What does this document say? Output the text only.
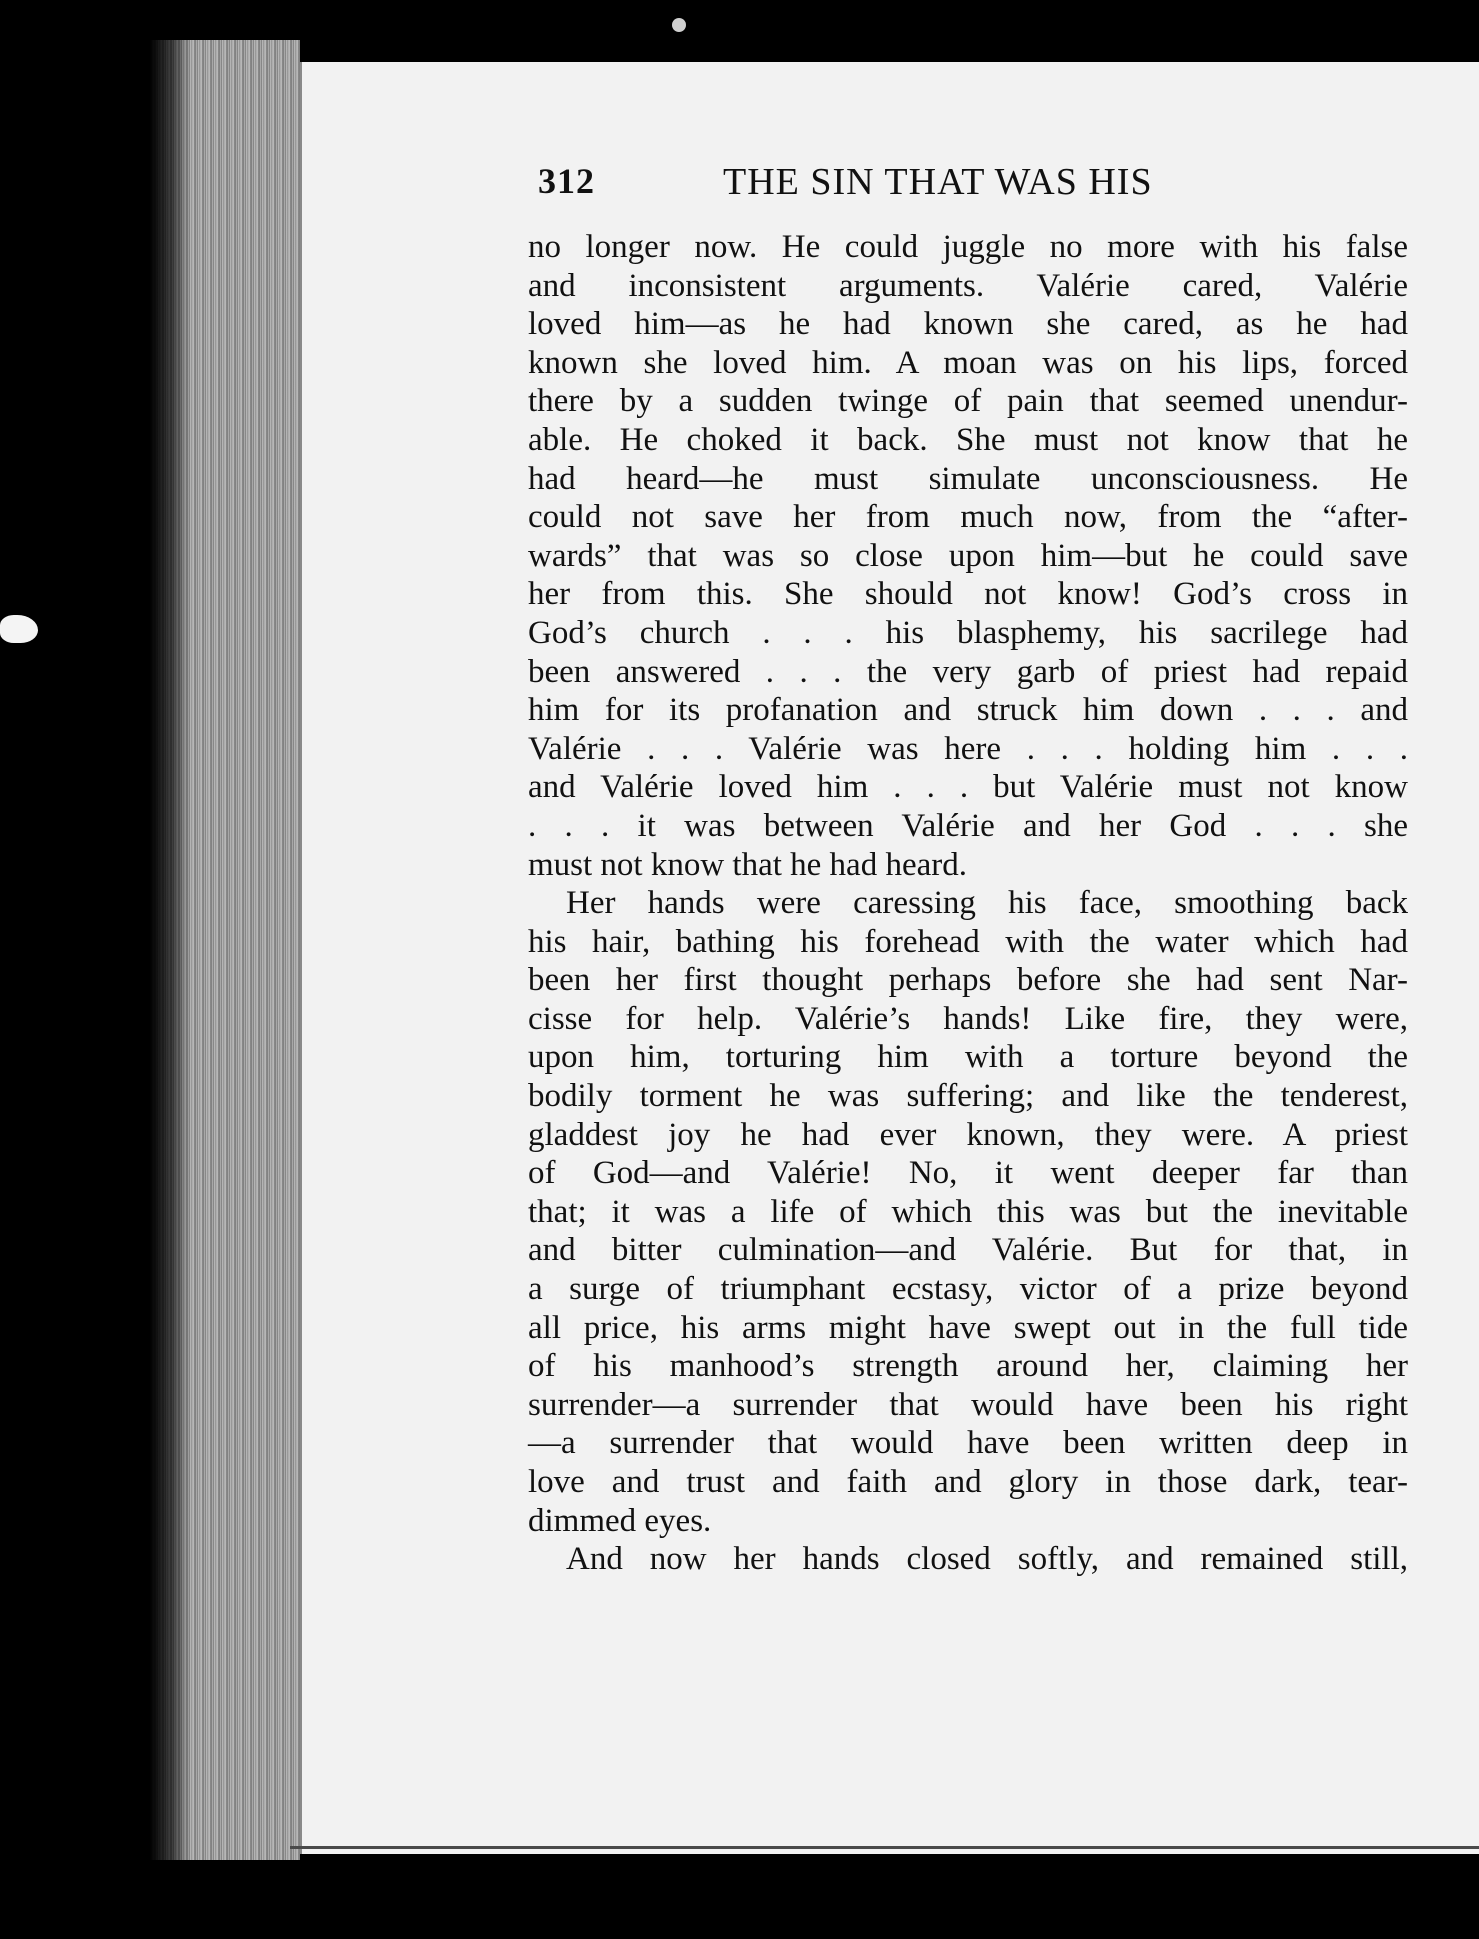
312	THE SIN THAT WAS HIS
no longer now. He could juggle no more with his false
and inconsistent arguments. Valérie cared, Valérie
loved him—as he had known she cared, as he had
known she loved him. A moan was on his lips, forced
there by a sudden twinge of pain that seemed unendur-
able. He choked it back. She must not know that he
had heard—he must simulate unconsciousness. He
could not save her from much now, from the “after-
wards” that was so close upon him—but he could save
her from this. She should not know! God’s cross in
God’s church . . . his blasphemy, his sacrilege had
been answered . . . the very garb of priest had repaid
him for its profanation and struck him down . . . and
Valérie . . . Valérie was here . . . holding him . . .
and Valérie loved him . . . but Valérie must not know
. . . it was between Valérie and her God . . . she
must not know that he had heard.
Her hands were caressing his face, smoothing back
his hair, bathing his forehead with the water which had
been her first thought perhaps before she had sent Nar-
cisse for help. Valérie’s hands! Like fire, they were,
upon him, torturing him with a torture beyond the
bodily torment he was suffering; and like the tenderest,
gladdest joy he had ever known, they were. A priest
of God—and Valérie! No, it went deeper far than
that; it was a life of which this was but the inevitable
and bitter culmination—and Valérie. But for that, in
a surge of triumphant ecstasy, victor of a prize beyond
all price, his arms might have swept out in the full tide
of his manhood’s strength around her, claiming her
surrender—a surrender that would have been his right
—a surrender that would have been written deep in
love and trust and faith and glory in those dark, tear-
dimmed eyes.
And now her hands closed softly, and remained still,
